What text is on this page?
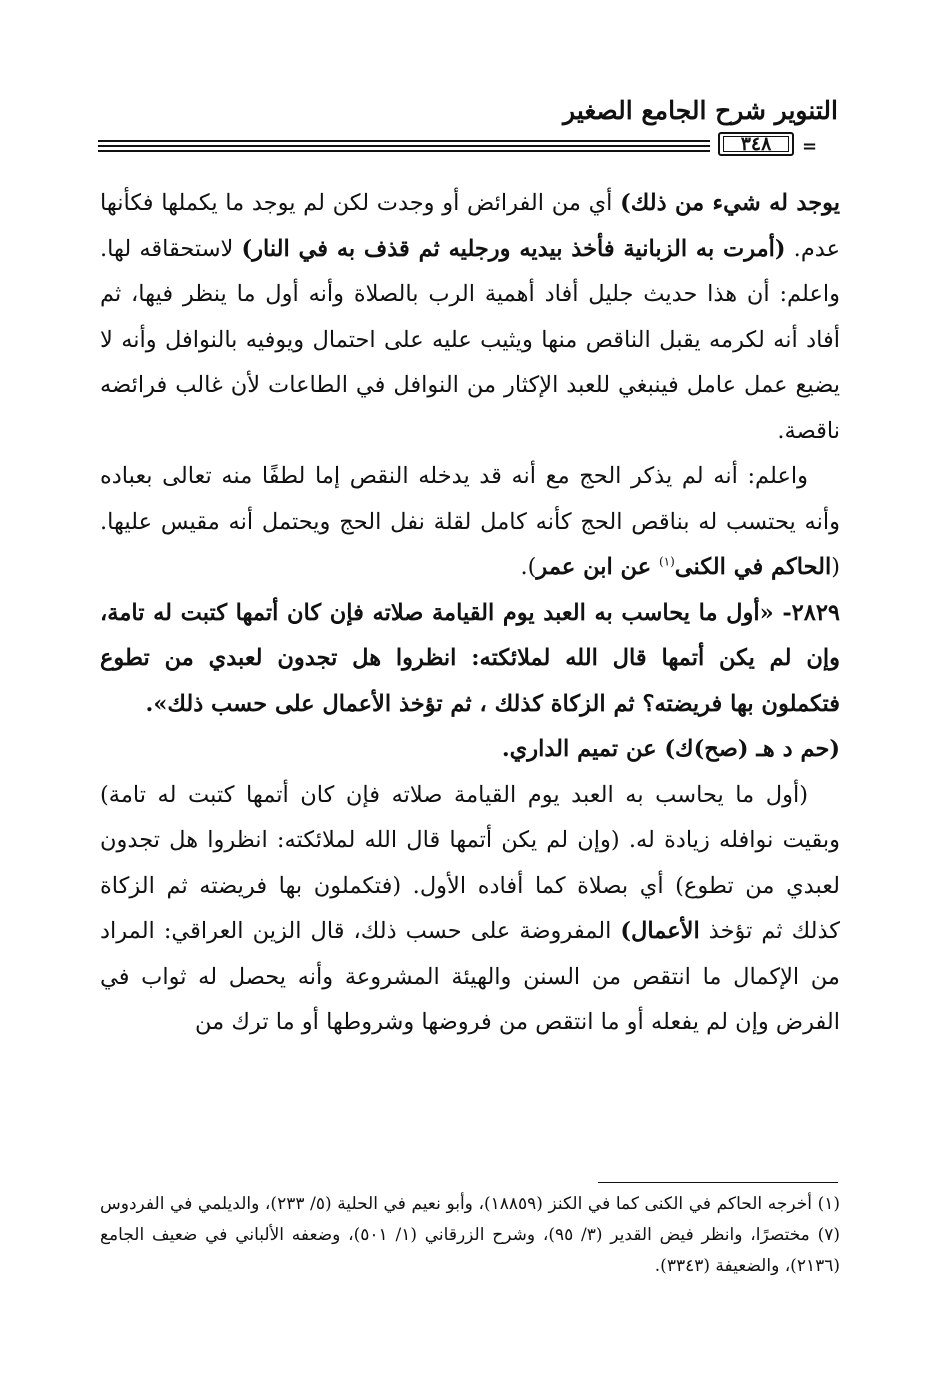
التنوير شرح الجامع الصغير
٣٤٨	=

يوجد له شيء من ذلك) أي من الفرائض أو وجدت لكن لم يوجد ما يكملها فكأنها عدم. (أمرت به الزبانية فأخذ بيديه ورجليه ثم قذف به في النار) لاستحقاقه لها. واعلم: أن هذا حديث جليل أفاد أهمية الرب بالصلاة وأنه أول ما ينظر فيها، ثم أفاد أنه لكرمه يقبل الناقص منها ويثيب عليه على احتمال ويوفيه بالنوافل وأنه لا يضيع عمل عامل فينبغي للعبد الإكثار من النوافل في الطاعات لأن غالب فرائضه ناقصة.

واعلم: أنه لم يذكر الحج مع أنه قد يدخله النقص إما لطفًا منه تعالى بعباده وأنه يحتسب له بناقص الحج كأنه كامل لقلة نفل الحج ويحتمل أنه مقيس عليها. (الحاكم في الكنى$^{(١)}$ عن ابن عمر).

٢٨٢٩- «أول ما يحاسب به العبد يوم القيامة صلاته فإن كان أتمها كتبت له تامة، وإن لم يكن أتمها قال الله لملائكته: انظروا هل تجدون لعبدي من تطوع فتكملون بها فريضته؟ ثم الزكاة كذلك ، ثم تؤخذ الأعمال على حسب ذلك».

(حم د هـ (صح)ك) عن تميم الداري.

(أول ما يحاسب به العبد يوم القيامة صلاته فإن كان أتمها كتبت له تامة) وبقيت نوافله زيادة له. (وإن لم يكن أتمها قال الله لملائكته: انظروا هل تجدون لعبدي من تطوع) أي بصلاة كما أفاده الأول. (فتكملون بها فريضته ثم الزكاة كذلك ثم تؤخذ الأعمال) المفروضة على حسب ذلك، قال الزين العراقي: المراد من الإكمال ما انتقص من السنن والهيئة المشروعة وأنه يحصل له ثواب في الفرض وإن لم يفعله أو ما انتقص من فروضها وشروطها أو ما ترك من

(١) أخرجه الحاكم في الكنى كما في الكنز (١٨٨٥٩)، وأبو نعيم في الحلية (٥/ ٢٣٣)، والديلمي في الفردوس (٧) مختصرًا، وانظر فيض القدير (٣/ ٩٥)، وشرح الزرقاني (١/ ٥٠١)، وضعفه الألباني في ضعيف الجامع (٢١٣٦)، والضعيفة (٣٣٤٣).
